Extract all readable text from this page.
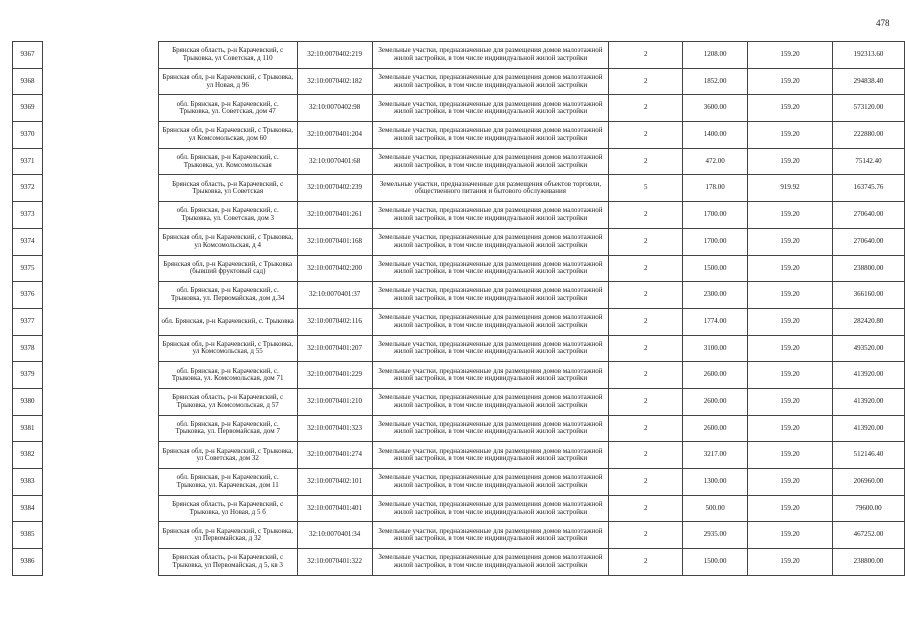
478
9367		Брянская область, р-н Карачевский, с Трыковка, ул Советская, д 110	32:10:0070402:219	Земельные участки, предназначенные для размещения домов малоэтажной жилой застройки, в том числе индивидуальной жилой застройки	2	1208.00	159.20	192313.60
9368		Брянская обл, р-н Карачевский, с Трыковка, ул Новая, д 96	32:10:0070402:182	Земельные участки, предназначенные для размещения домов малоэтажной жилой застройки, в том числе индивидуальной жилой застройки	2	1852.00	159.20	294838.40
9369		обл. Брянская, р-н Карачевский, с. Трыковка, ул. Советская, дом 47	32:10:0070402:98	Земельные участки, предназначенные для размещения домов малоэтажной жилой застройки, в том числе индивидуальной жилой застройки	2	3600.00	159.20	573120.00
9370		Брянская обл, р-н Карачевский, с Трыковка, ул Комсомольская, дом 60	32:10:0070401:204	Земельные участки, предназначенные для размещения домов малоэтажной жилой застройки, в том числе индивидуальной жилой застройки	2	1400.00	159.20	222880.00
9371		обл. Брянская, р-н Карачевский, с. Трыковка, ул. Комсомольская	32:10:0070401:68	Земельные участки, предназначенные для размещения домов малоэтажной жилой застройки, в том числе индивидуальной жилой застройки	2	472.00	159.20	75142.40
9372		Брянская область, р-н Карачевский, с Трыковка, ул Советская	32:10:0070402:239	Земельные участки, предназначенные для размещения объектов торговли, общественного питания и бытового обслуживания	5	178.00	919.92	163745.76
9373		обл. Брянская, р-н Карачевский, с. Трыковка, ул. Советская, дом 3	32:10:0070401:261	Земельные участки, предназначенные для размещения домов малоэтажной жилой застройки, в том числе индивидуальной жилой застройки	2	1700.00	159.20	270640.00
9374		Брянская обл, р-н Карачевский, с Трыковка, ул Комсомольская, д 4	32:10:0070401:168	Земельные участки, предназначенные для размещения домов малоэтажной жилой застройки, в том числе индивидуальной жилой застройки	2	1700.00	159.20	270640.00
9375		Брянская обл, р-н Карачевский, с Трыковка (бывший фруктовый сад)	32:10:0070402:200	Земельные участки, предназначенные для размещения домов малоэтажной жилой застройки, в том числе индивидуальной жилой застройки	2	1500.00	159.20	238800.00
9376		обл. Брянская, р-н Карачевский, с. Трыковка, ул. Первомайская, дом д.34	32:10:0070401:37	Земельные участки, предназначенные для размещения домов малоэтажной жилой застройки, в том числе индивидуальной жилой застройки	2	2300.00	159.20	366160.00
9377		обл. Брянская, р-н Карачевский, с. Трыковка	32:10:0070402:116	Земельные участки, предназначенные для размещения домов малоэтажной жилой застройки, в том числе индивидуальной жилой застройки	2	1774.00	159.20	282420.80
9378		Брянская обл, р-н Карачевский, с Трыковка, ул Комсомольская, д 55	32:10:0070401:207	Земельные участки, предназначенные для размещения домов малоэтажной жилой застройки, в том числе индивидуальной жилой застройки	2	3100.00	159.20	493520.00
9379		обл. Брянская, р-н Карачевский, с. Трыковка, ул. Комсомольская, дом 71	32:10:0070401:229	Земельные участки, предназначенные для размещения домов малоэтажной жилой застройки, в том числе индивидуальной жилой застройки	2	2600.00	159.20	413920.00
9380		Брянская область, р-н Карачевский, с Трыковка, ул Комсомольская, д 57	32:10:0070401:210	Земельные участки, предназначенные для размещения домов малоэтажной жилой застройки, в том числе индивидуальной жилой застройки	2	2600.00	159.20	413920.00
9381		обл. Брянская, р-н Карачевский, с. Трыковка, ул. Первомайская, дом 7	32:10:0070401:323	Земельные участки, предназначенные для размещения домов малоэтажной жилой застройки, в том числе индивидуальной жилой застройки	2	2600.00	159.20	413920.00
9382		Брянская обл, р-н Карачевский, с Трыковка, ул Советская, дом 32	32:10:0070401:274	Земельные участки, предназначенные для размещения домов малоэтажной жилой застройки, в том числе индивидуальной жилой застройки	2	3217.00	159.20	512146.40
9383		обл. Брянская, р-н Карачевский, с. Трыковка, ул. Карачевская, дом 11	32:10:0070402:101	Земельные участки, предназначенные для размещения домов малоэтажной жилой застройки, в том числе индивидуальной жилой застройки	2	1300.00	159.20	206960.00
9384		Брянская область, р-н Карачевский, с Трыковка, ул Новая, д 5 б	32:10:0070401:401	Земельные участки, предназначенные для размещения домов малоэтажной жилой застройки, в том числе индивидуальной жилой застройки	2	500.00	159.20	79600.00
9385		Брянская обл, р-н Карачевский, с Трыковка, ул Первомайская, д 32	32:10:0070401:34	Земельные участки, предназначенные для размещения домов малоэтажной жилой застройки, в том числе индивидуальной жилой застройки	2	2935.00	159.20	467252.00
9386		Брянская область, р-н Карачевский, с Трыковка, ул Первомайская, д 5, кв 3	32:10:0070401:322	Земельные участки, предназначенные для размещения домов малоэтажной жилой застройки, в том числе индивидуальной жилой застройки	2	1500.00	159.20	238800.00
